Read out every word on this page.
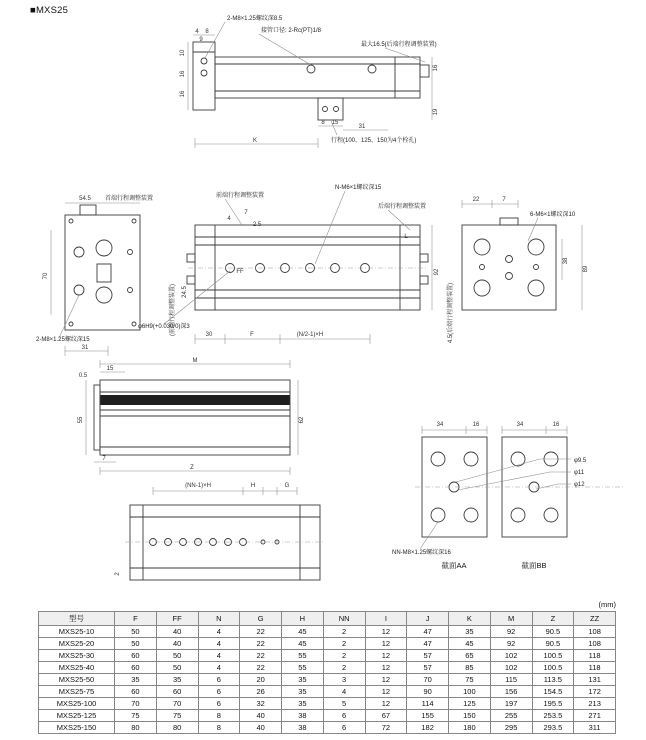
■MXS25
2-M8×1.25螺纹深8.5
接管口径: 2-Rc(PT)1/8
最大16.5(后端行程调整装置)
行程(100、125、150为4个栓孔)
4 8
9
10
16
16
16
19
8 15
31
K
54.5 首端行程调整装置
70
2-M8×1.25螺纹深15
31
(前端行程调整装置)
前端行程调整装置
N-M6×1螺纹深15
后端行程调整装置
24.5
4
7
2.5
L
92
FF
30	F	(N/2-1)×H
φ6H9(+0.030/0)深3
22	7
6-M6×1螺纹深10
38
89
4.5(后端行程调整装置)
M
15
0.5
55	62
7
Z
34	16	34	16
φ9.5
φ11
φ12
NN-M8×1.25螺纹深16
截面AA	截面BB
(NN-1)×H	H	G
2
(mm)
型号	F	FF	N	G	H	NN	I	J	K	M	Z	ZZ
MXS25-10	50	40	4	22	45	2	12	47	35	92	90.5	108
MXS25-20	50	40	4	22	45	2	12	47	45	92	90.5	108
MXS25-30	60	50	4	22	55	2	12	57	65	102	100.5	118
MXS25-40	60	50	4	22	55	2	12	57	85	102	100.5	118
MXS25-50	35	35	6	20	35	3	12	70	75	115	113.5	131
MXS25-75	60	60	6	26	35	4	12	90	100	156	154.5	172
MXS25-100	70	70	6	32	35	5	12	114	125	197	195.5	213
MXS25-125	75	75	8	40	38	6	67	155	150	255	253.5	271
MXS25-150	80	80	8	40	38	6	72	182	180	295	293.5	311
